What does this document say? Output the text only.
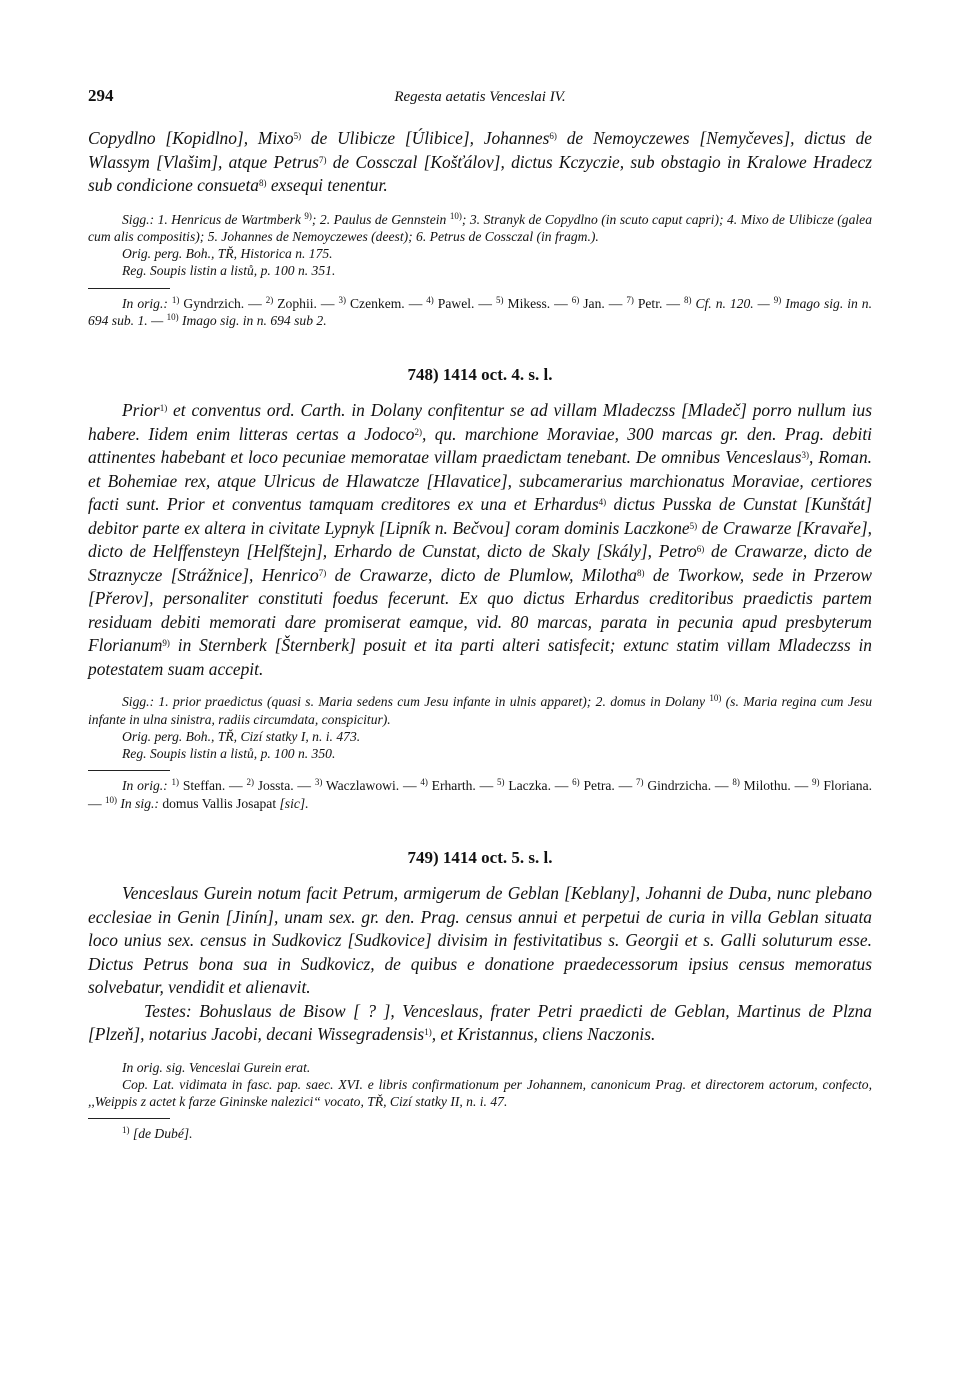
294	Regesta aetatis Venceslai IV.

Copydlno [Kopidlno], Mixo$^{5)}$ de Ulibicze [Úlibice], Johannes$^{6)}$ de Nemoyczewes [Nemyčeves], dictus de Wlassym [Vlašim], atque Petrus$^{7)}$ de Cossczal [Košťálov], dictus Kczyczie, sub obstagio in Kralowe Hradecz sub condicione consueta$^{8)}$ exsequi tenentur.

Sigg.: 1. Henricus de Wartmberk $^{9)}$; 2. Paulus de Gennstein $^{10)}$; 3. Stranyk de Copydlno (in scuto caput capri); 4. Mixo de Ulibicze (galea cum alis compositis); 5. Johannes de Nemoyczewes (deest); 6. Petrus de Cossczal (in fragm.).

Orig. perg. Boh., TŘ, Historica n. 175.

Reg. Soupis listin a listů, p. 100 n. 351.

In orig.: $^{1)}$ Gyndrzich. — $^{2)}$ Zophii. — $^{3)}$ Czenkem. — $^{4)}$ Pawel. — $^{5)}$ Mikess. — $^{6)}$ Jan. — $^{7)}$ Petr. — $^{8)}$ Cf. n. 120. — $^{9)}$ Imago sig. in n. 694 sub. 1. — $^{10)}$ Imago sig. in n. 694 sub 2.

748) 1414 oct. 4. s. l.

Prior$^{1)}$ et conventus ord. Carth. in Dolany confitentur se ad villam Mladeczss [Mladeč] porro nullum ius habere. Iidem enim litteras certas a Jodoco$^{2)}$, qu. marchione Moraviae, 300 marcas gr. den. Prag. debiti attinentes habebant et loco pecuniae memoratae villam praedictam tenebant. De omnibus Venceslaus$^{3)}$, Roman. et Bohemiae rex, atque Ulricus de Hlawatcze [Hlavatice], subcamerarius marchionatus Moraviae, certiores facti sunt. Prior et conventus tamquam creditores ex una et Erhardus$^{4)}$ dictus Pusska de Cunstat [Kunštát] debitor parte ex altera in civitate Lypnyk [Lipník n. Bečvou] coram dominis Laczkone$^{5)}$ de Crawarze [Kravaře], dicto de Helffensteyn [Helfštejn], Erhardo de Cunstat, dicto de Skaly [Skály], Petro$^{6)}$ de Crawarze, dicto de Straznycze [Strážnice], Henrico$^{7)}$ de Crawarze, dicto de Plumlow, Milotha$^{8)}$ de Tworkow, sede in Przerow [Přerov], personaliter constituti foedus fecerunt. Ex quo dictus Erhardus creditoribus praedictis partem residuam debiti memorati dare promiserat eamque, vid. 80 marcas, parata in pecunia apud presbyterum Florianum$^{9)}$ in Sternberk [Šternberk] posuit et ita parti alteri satisfecit; extunc statim villam Mladeczss in potestatem suam accepit.

Sigg.: 1. prior praedictus (quasi s. Maria sedens cum Jesu infante in ulnis apparet); 2. domus in Dolany $^{10)}$ (s. Maria regina cum Jesu infante in ulna sinistra, radiis circumdata, conspicitur).

Orig. perg. Boh., TŘ, Cizí statky I, n. i. 473.

Reg. Soupis listin a listů, p. 100 n. 350.

In orig.: $^{1)}$ Steffan. — $^{2)}$ Jossta. — $^{3)}$ Waczlawowi. — $^{4)}$ Erharth. — $^{5)}$ Laczka. — $^{6)}$ Petra. — $^{7)}$ Gindrzicha. — $^{8)}$ Milothu. — $^{9)}$ Floriana. — $^{10)}$ In sig.: domus Vallis Josapat [sic].

749) 1414 oct. 5. s. l.

Venceslaus Gurein notum facit Petrum, armigerum de Geblan [Keblany], Johanni de Duba, nunc plebano ecclesiae in Genin [Jinín], unam sex. gr. den. Prag. census annui et perpetui de curia in villa Geblan situata loco unius sex. census in Sudkovicz [Sudkovice] divisim in festivitatibus s. Georgii et s. Galli soluturum esse. Dictus Petrus bona sua in Sudkovicz, de quibus e donatione praedecessorum ipsius census memoratus solvebatur, vendidit et alienavit.

Testes: Bohuslaus de Bisow [ ? ], Venceslaus, frater Petri praedicti de Geblan, Martinus de Plzna [Plzeň], notarius Jacobi, decani Wissegradensis$^{1)}$, et Kristannus, cliens Naczonis.

In orig. sig. Venceslai Gurein erat.

Cop. Lat. vidimata in fasc. pap. saec. XVI. e libris confirmationum per Johannem, canonicum Prag. et directorem actorum, confecto, ,,Weippis z actet k farze Gininske nalezici“ vocato, TŘ, Cizí statky II, n. i. 47.

$^{1)}$ [de Dubé].
